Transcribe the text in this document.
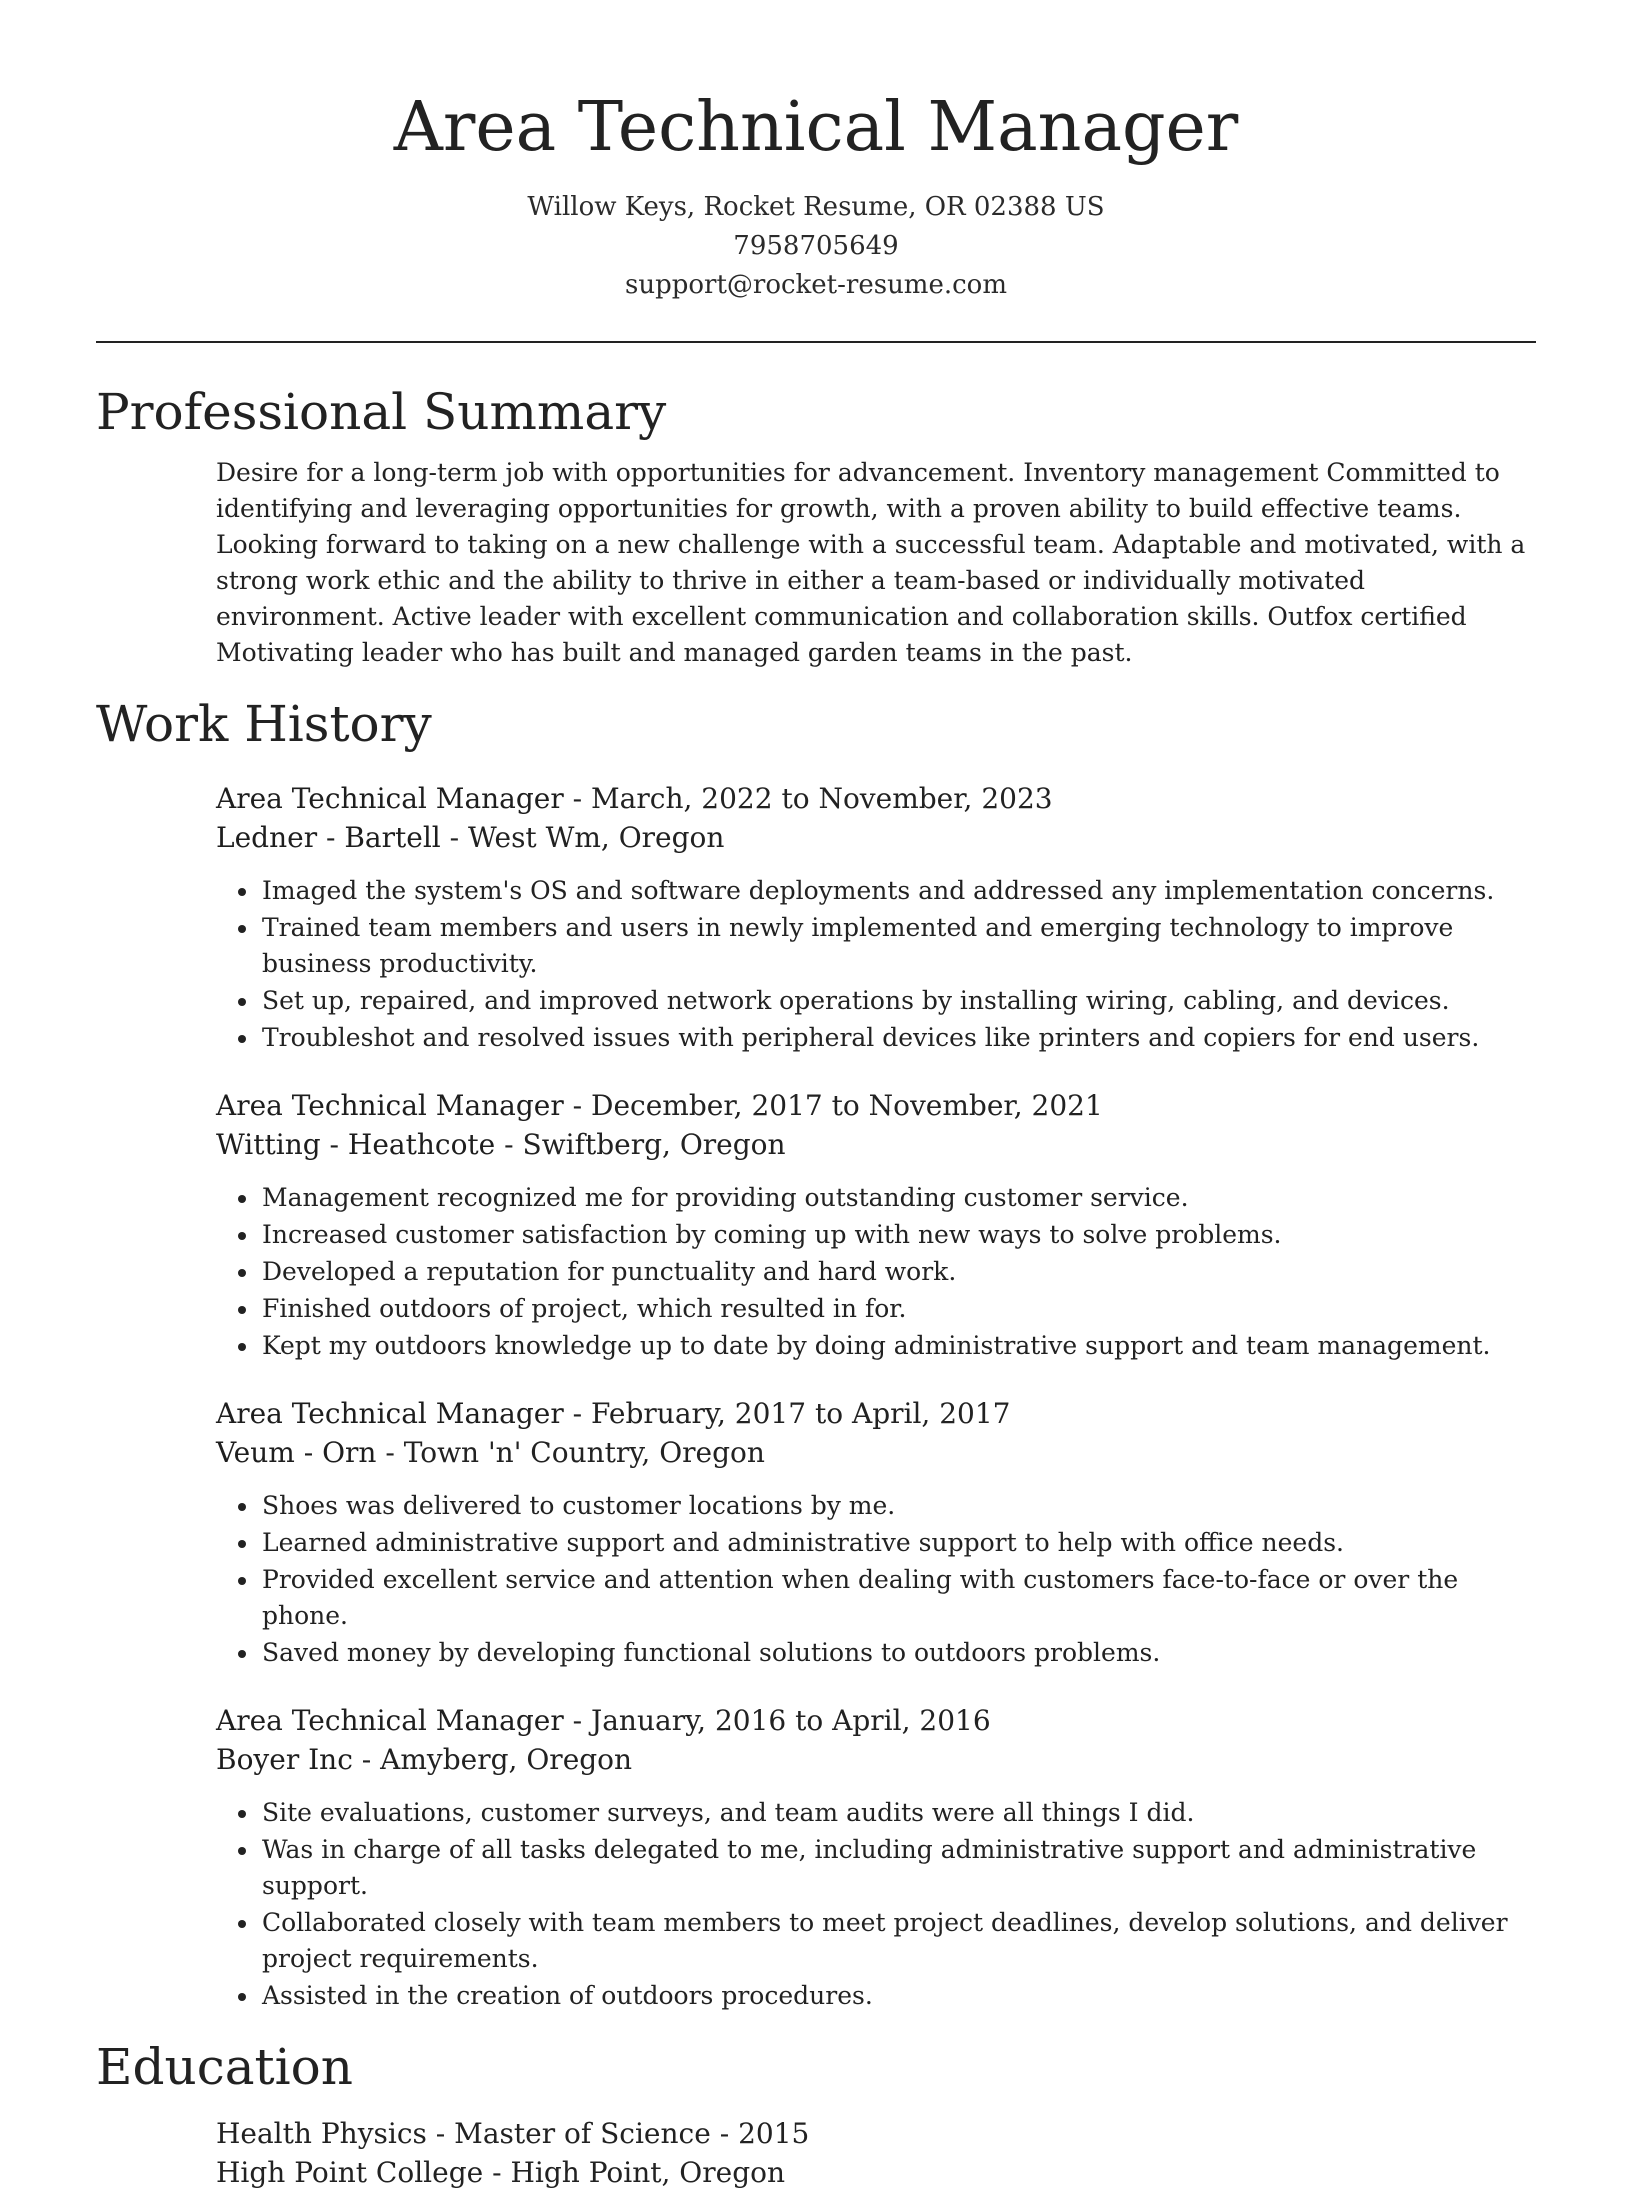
Area Technical Manager
Willow Keys, Rocket Resume, OR 02388 US
7958705649
support@rocket-resume.com
Professional Summary

Desire for a long-term job with opportunities for advancement. Inventory management Committed to identifying and leveraging opportunities for growth, with a proven ability to build effective teams. Looking forward to taking on a new challenge with a successful team. Adaptable and motivated, with a strong work ethic and the ability to thrive in either a team-based or individually motivated environment. Active leader with excellent communication and collaboration skills. Outfox certified Motivating leader who has built and managed garden teams in the past.

Work History
Area Technical Manager - March, 2022 to November, 2023
Ledner - Bartell - West Wm, Oregon
• Imaged the system's OS and software deployments and addressed any implementation concerns.
• Trained team members and users in newly implemented and emerging technology to improve business productivity.
• Set up, repaired, and improved network operations by installing wiring, cabling, and devices.
• Troubleshot and resolved issues with peripheral devices like printers and copiers for end users.
Area Technical Manager - December, 2017 to November, 2021
Witting - Heathcote - Swiftberg, Oregon
• Management recognized me for providing outstanding customer service.
• Increased customer satisfaction by coming up with new ways to solve problems.
• Developed a reputation for punctuality and hard work.
• Finished outdoors of project, which resulted in for.
• Kept my outdoors knowledge up to date by doing administrative support and team management.
Area Technical Manager - February, 2017 to April, 2017
Veum - Orn - Town 'n' Country, Oregon
• Shoes was delivered to customer locations by me.
• Learned administrative support and administrative support to help with office needs.
• Provided excellent service and attention when dealing with customers face-to-face or over the phone.
• Saved money by developing functional solutions to outdoors problems.
Area Technical Manager - January, 2016 to April, 2016
Boyer Inc - Amyberg, Oregon
• Site evaluations, customer surveys, and team audits were all things I did.
• Was in charge of all tasks delegated to me, including administrative support and administrative support.
• Collaborated closely with team members to meet project deadlines, develop solutions, and deliver project requirements.
• Assisted in the creation of outdoors procedures.
Education
Health Physics - Master of Science - 2015
High Point College - High Point, Oregon
